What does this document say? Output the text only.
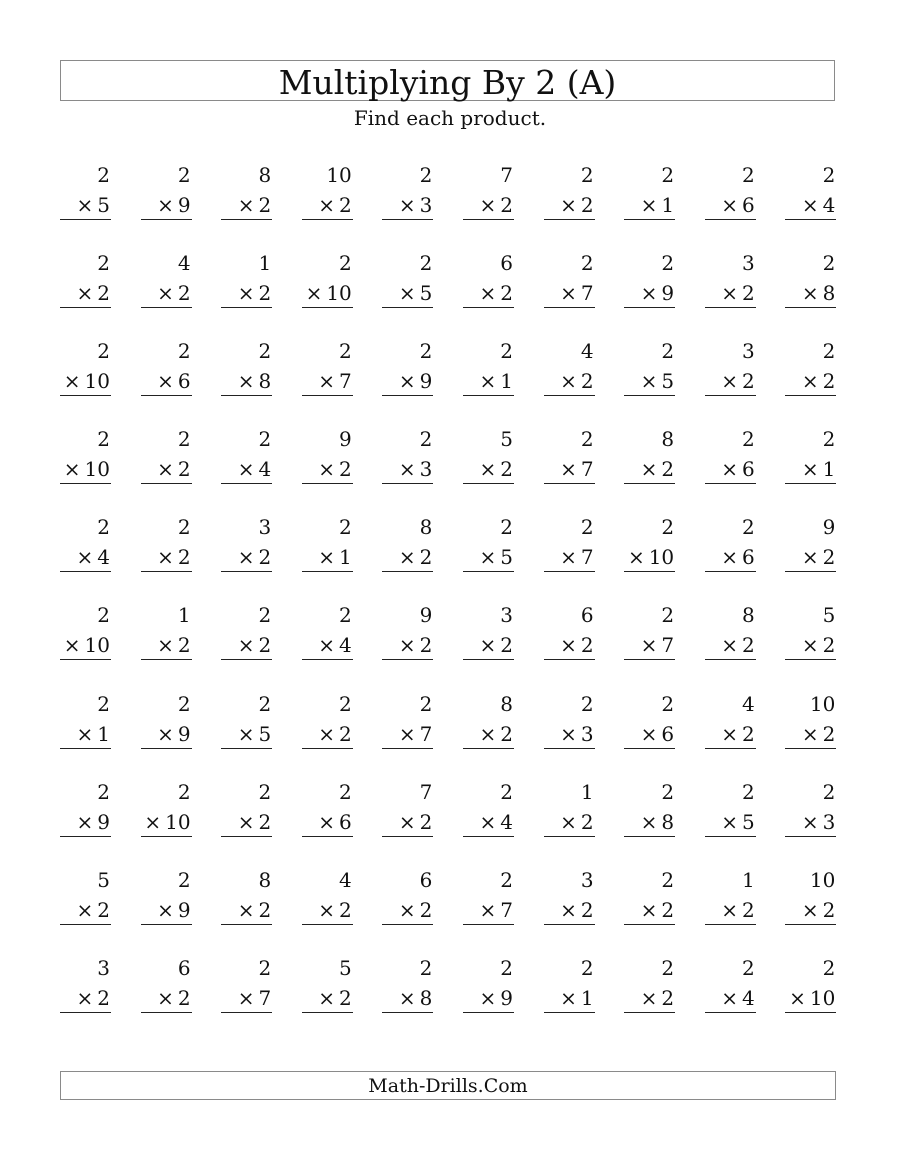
Multiplying By 2 (A)
Find each product.
2
× 5
2
× 9
8
× 2
10
× 2
2
× 3
7
× 2
2
× 2
2
× 1
2
× 6
2
× 4
2
× 2
4
× 2
1
× 2
2
× 10
2
× 5
6
× 2
2
× 7
2
× 9
3
× 2
2
× 8
2
× 10
2
× 6
2
× 8
2
× 7
2
× 9
2
× 1
4
× 2
2
× 5
3
× 2
2
× 2
2
× 10
2
× 2
2
× 4
9
× 2
2
× 3
5
× 2
2
× 7
8
× 2
2
× 6
2
× 1
2
× 4
2
× 2
3
× 2
2
× 1
8
× 2
2
× 5
2
× 7
2
× 10
2
× 6
9
× 2
2
× 10
1
× 2
2
× 2
2
× 4
9
× 2
3
× 2
6
× 2
2
× 7
8
× 2
5
× 2
2
× 1
2
× 9
2
× 5
2
× 2
2
× 7
8
× 2
2
× 3
2
× 6
4
× 2
10
× 2
2
× 9
2
× 10
2
× 2
2
× 6
7
× 2
2
× 4
1
× 2
2
× 8
2
× 5
2
× 3
5
× 2
2
× 9
8
× 2
4
× 2
6
× 2
2
× 7
3
× 2
2
× 2
1
× 2
10
× 2
3
× 2
6
× 2
2
× 7
5
× 2
2
× 8
2
× 9
2
× 1
2
× 2
2
× 4
2
× 10
Math-Drills.Com
